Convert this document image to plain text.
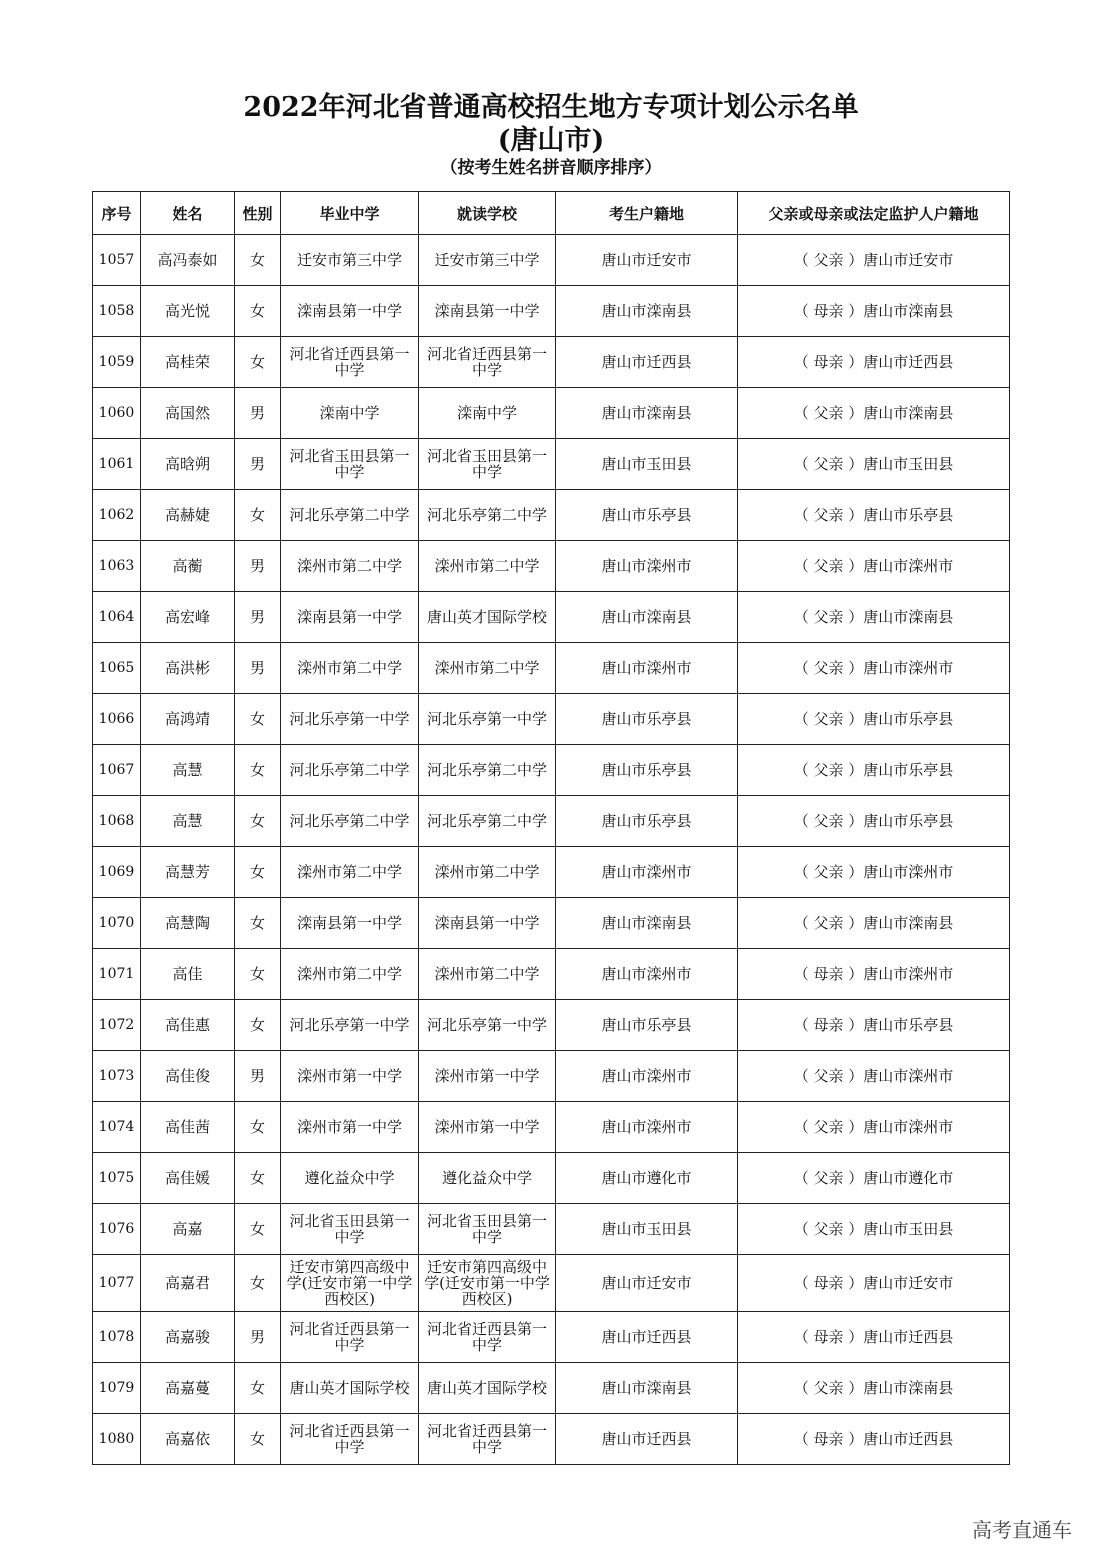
2022年河北省普通高校招生地方专项计划公示名单
(唐山市)
（按考生姓名拼音顺序排序）
序号	姓名	性别	毕业中学	就读学校	考生户籍地	父亲或母亲或法定监护人户籍地
1057	高冯泰如	女	迁安市第三中学	迁安市第三中学	唐山市迁安市	（ 父亲 ）唐山市迁安市
1058	高光悦	女	滦南县第一中学	滦南县第一中学	唐山市滦南县	（ 母亲 ）唐山市滦南县
1059	高桂荣	女	河北省迁西县第一中学	河北省迁西县第一中学	唐山市迁西县	（ 母亲 ）唐山市迁西县
1060	高国然	男	滦南中学	滦南中学	唐山市滦南县	（ 父亲 ）唐山市滦南县
1061	高晗朔	男	河北省玉田县第一中学	河北省玉田县第一中学	唐山市玉田县	（ 父亲 ）唐山市玉田县
1062	高赫婕	女	河北乐亭第二中学	河北乐亭第二中学	唐山市乐亭县	（ 父亲 ）唐山市乐亭县
1063	高蘅	男	滦州市第二中学	滦州市第二中学	唐山市滦州市	（ 父亲 ）唐山市滦州市
1064	高宏峰	男	滦南县第一中学	唐山英才国际学校	唐山市滦南县	（ 父亲 ）唐山市滦南县
1065	高洪彬	男	滦州市第二中学	滦州市第二中学	唐山市滦州市	（ 父亲 ）唐山市滦州市
1066	高鸿靖	女	河北乐亭第一中学	河北乐亭第一中学	唐山市乐亭县	（ 父亲 ）唐山市乐亭县
1067	高慧	女	河北乐亭第二中学	河北乐亭第二中学	唐山市乐亭县	（ 父亲 ）唐山市乐亭县
1068	高慧	女	河北乐亭第二中学	河北乐亭第二中学	唐山市乐亭县	（ 父亲 ）唐山市乐亭县
1069	高慧芳	女	滦州市第二中学	滦州市第二中学	唐山市滦州市	（ 父亲 ）唐山市滦州市
1070	高慧陶	女	滦南县第一中学	滦南县第一中学	唐山市滦南县	（ 父亲 ）唐山市滦南县
1071	高佳	女	滦州市第二中学	滦州市第二中学	唐山市滦州市	（ 母亲 ）唐山市滦州市
1072	高佳惠	女	河北乐亭第一中学	河北乐亭第一中学	唐山市乐亭县	（ 母亲 ）唐山市乐亭县
1073	高佳俊	男	滦州市第一中学	滦州市第一中学	唐山市滦州市	（ 父亲 ）唐山市滦州市
1074	高佳茜	女	滦州市第一中学	滦州市第一中学	唐山市滦州市	（ 父亲 ）唐山市滦州市
1075	高佳媛	女	遵化益众中学	遵化益众中学	唐山市遵化市	（ 父亲 ）唐山市遵化市
1076	高嘉	女	河北省玉田县第一中学	河北省玉田县第一中学	唐山市玉田县	（ 父亲 ）唐山市玉田县
1077	高嘉君	女	迁安市第四高级中学(迁安市第一中学西校区)	迁安市第四高级中学(迁安市第一中学西校区)	唐山市迁安市	（ 母亲 ）唐山市迁安市
1078	高嘉骏	男	河北省迁西县第一中学	河北省迁西县第一中学	唐山市迁西县	（ 母亲 ）唐山市迁西县
1079	高嘉蔓	女	唐山英才国际学校	唐山英才国际学校	唐山市滦南县	（ 父亲 ）唐山市滦南县
1080	高嘉依	女	河北省迁西县第一中学	河北省迁西县第一中学	唐山市迁西县	（ 母亲 ）唐山市迁西县
高考直通车
